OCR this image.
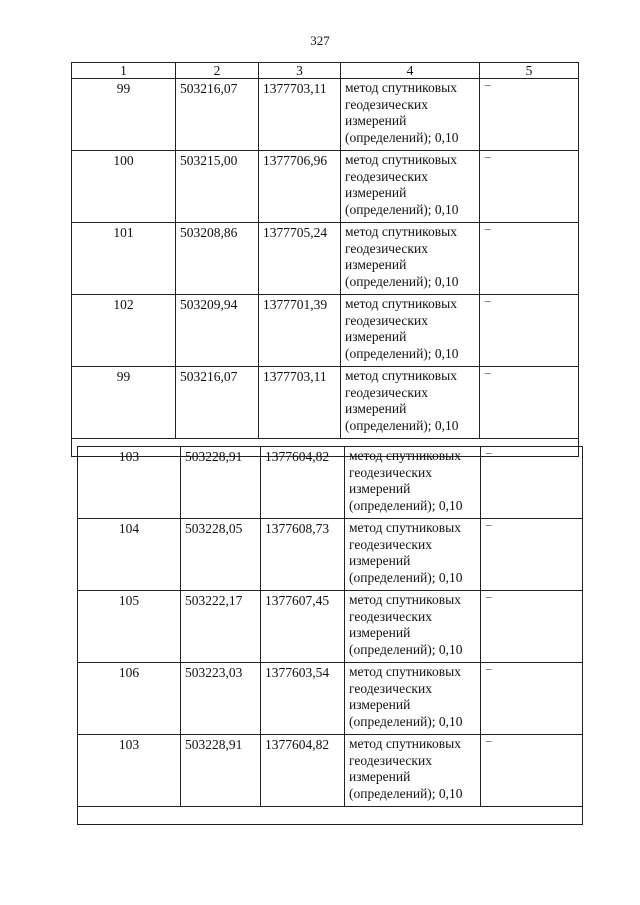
327
1	2	3	4	5
99	503216,07	1377703,11	метод спутниковых геодезических измерений (определений); 0,10	–
100	503215,00	1377706,96	метод спутниковых геодезических измерений (определений); 0,10	–
101	503208,86	1377705,24	метод спутниковых геодезических измерений (определений); 0,10	–
102	503209,94	1377701,39	метод спутниковых геодезических измерений (определений); 0,10	–
99	503216,07	1377703,11	метод спутниковых геодезических измерений (определений); 0,10	–

103	503228,91	1377604,82	метод спутниковых геодезических измерений (определений); 0,10	–
104	503228,05	1377608,73	метод спутниковых геодезических измерений (определений); 0,10	–
105	503222,17	1377607,45	метод спутниковых геодезических измерений (определений); 0,10	–
106	503223,03	1377603,54	метод спутниковых геодезических измерений (определений); 0,10	–
103	503228,91	1377604,82	метод спутниковых геодезических измерений (определений); 0,10	–
